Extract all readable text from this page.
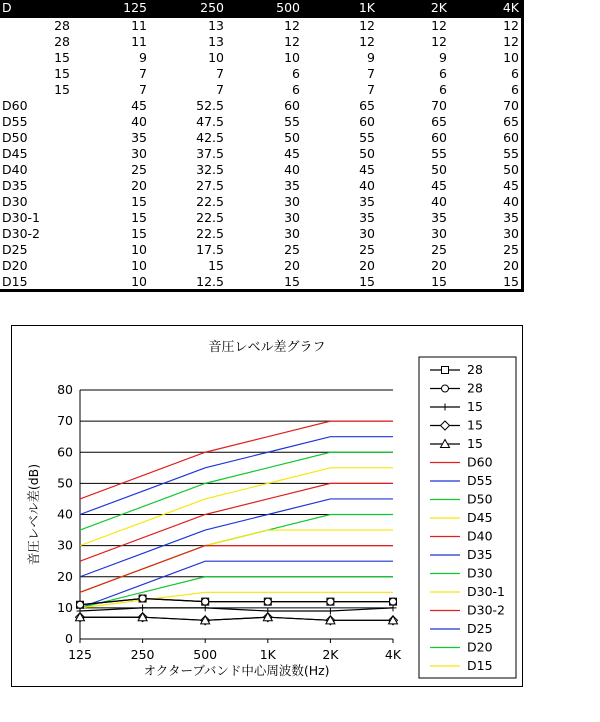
D	125	250	500	1K	2K	4K
28	11	13	12	12	12	12
28	11	13	12	12	12	12
15	9	10	10	9	9	10
15	7	7	6	7	6	6
15	7	7	6	7	6	6
D60	45	52.5	60	65	70	70
D55	40	47.5	55	60	65	65
D50	35	42.5	50	55	60	60
D45	30	37.5	45	50	55	55
D40	25	32.5	40	45	50	50
D35	20	27.5	35	40	45	45
D30	15	22.5	30	35	40	40
D30-1	15	22.5	30	35	35	35
D30-2	15	22.5	30	30	30	30
D25	10	17.5	25	25	25	25
D20	10	15	20	20	20	20
D15	10	12.5	15	15	15	15
音圧レベル差グラフ
0
10
20
30
40
50
60
70
80
125	250	500	1K	2K	4K
オクターブバンド中心周波数(Hz)
音圧レベル差(dB)
28
28
15
15
15
D60
D55
D50
D45
D40
D35
D30
D30-1
D30-2
D25
D20
D15
